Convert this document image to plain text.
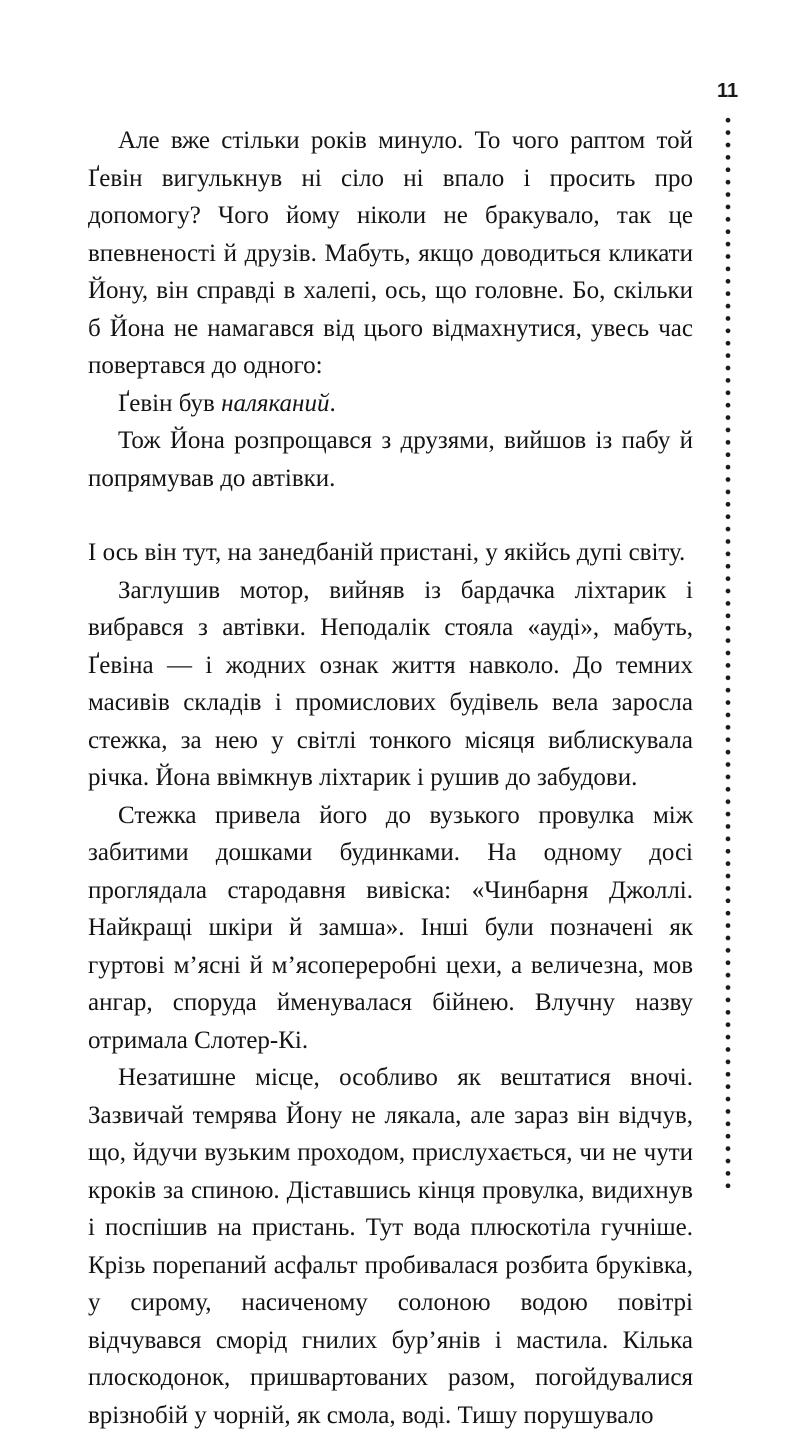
11

Але вже стільки років минуло. То чого раптом той Ґевін вигулькнув ні сіло ні впало і просить про допомогу? Чого йому ніколи не бракувало, так це впевненості й друзів. Мабуть, якщо доводиться кликати Йону, він справді в халепі, ось, що головне. Бо, скільки б Йона не намагався від цього відмахнутися, увесь час повертався до одного:

Ґевін був наляканий.

Тож Йона розпрощався з друзями, вийшов із пабу й попрямував до автівки.

І ось він тут, на занедбаній пристані, у якійсь дупі світу.

Заглушив мотор, вийняв із бардачка ліхтарик і вибрався з автівки. Неподалік стояла «ауді», мабуть, Ґевіна — і жодних ознак життя навколо. До темних масивів складів і промислових будівель вела заросла стежка, за нею у світлі тонкого місяця виблискувала річка. Йона ввімкнув ліхтарик і рушив до забудови.

Стежка привела його до вузького провулка між забитими дошками будинками. На одному досі проглядала стародавня вивіска: «Чинбарня Джоллі. Найкращі шкіри й замша». Інші були позначені як гуртові м’ясні й м’ясопереробні цехи, а величезна, мов ангар, споруда йменувалася бійнею. Влучну назву отримала Слотер-Кі.

Незатишне місце, особливо як вештатися вночі. Зазвичай темрява Йону не лякала, але зараз він відчув, що, йдучи вузьким проходом, прислухається, чи не чути кроків за спиною. Діставшись кінця провулка, видихнув і поспішив на пристань. Тут вода плюскотіла гучніше. Крізь порепаний асфальт пробивалася розбита бруківка, у сирому, насиченому солоною водою повітрі відчувався сморід гнилих бур’янів і мастила. Кілька плоскодонок, пришвартованих разом, погойдувалися врізнобій у чорній, як смола, воді. Тишу порушувало
